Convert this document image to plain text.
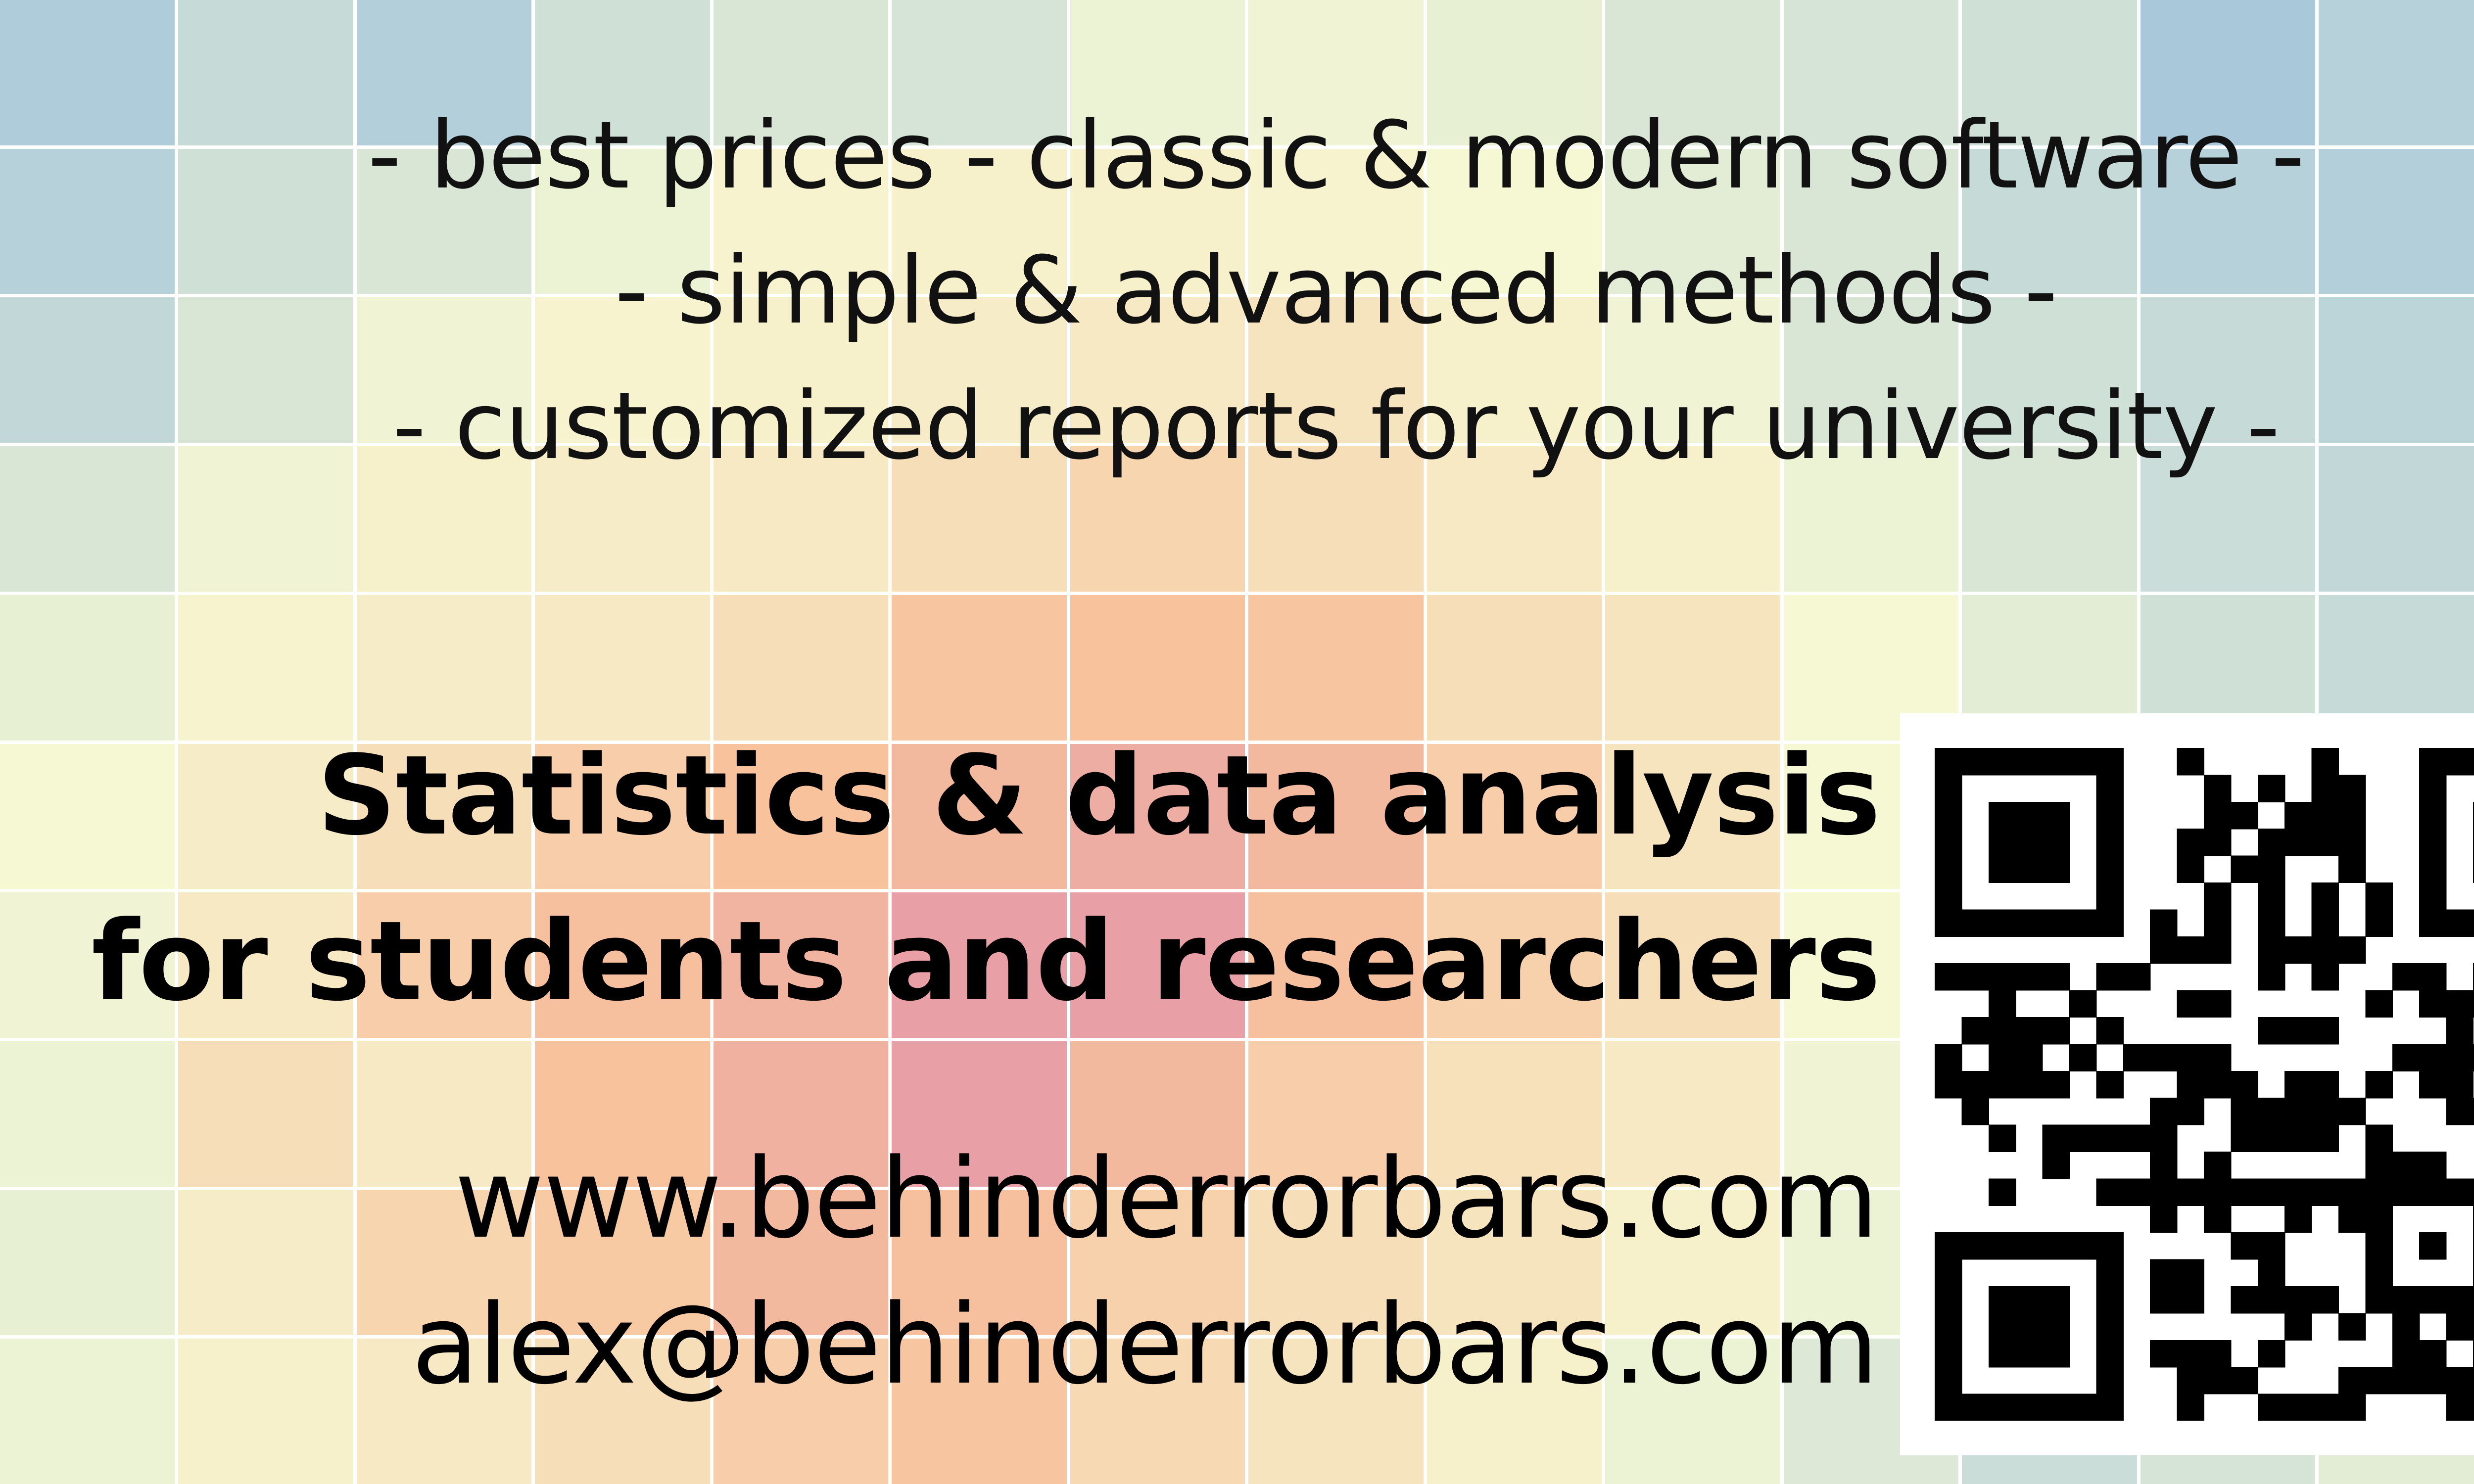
- best prices - classic & modern software -
- simple & advanced methods -
- customized reports for your university -
Statistics & data analysis
for students and researchers
www.behinderrorbars.com
alex@behinderrorbars.com
